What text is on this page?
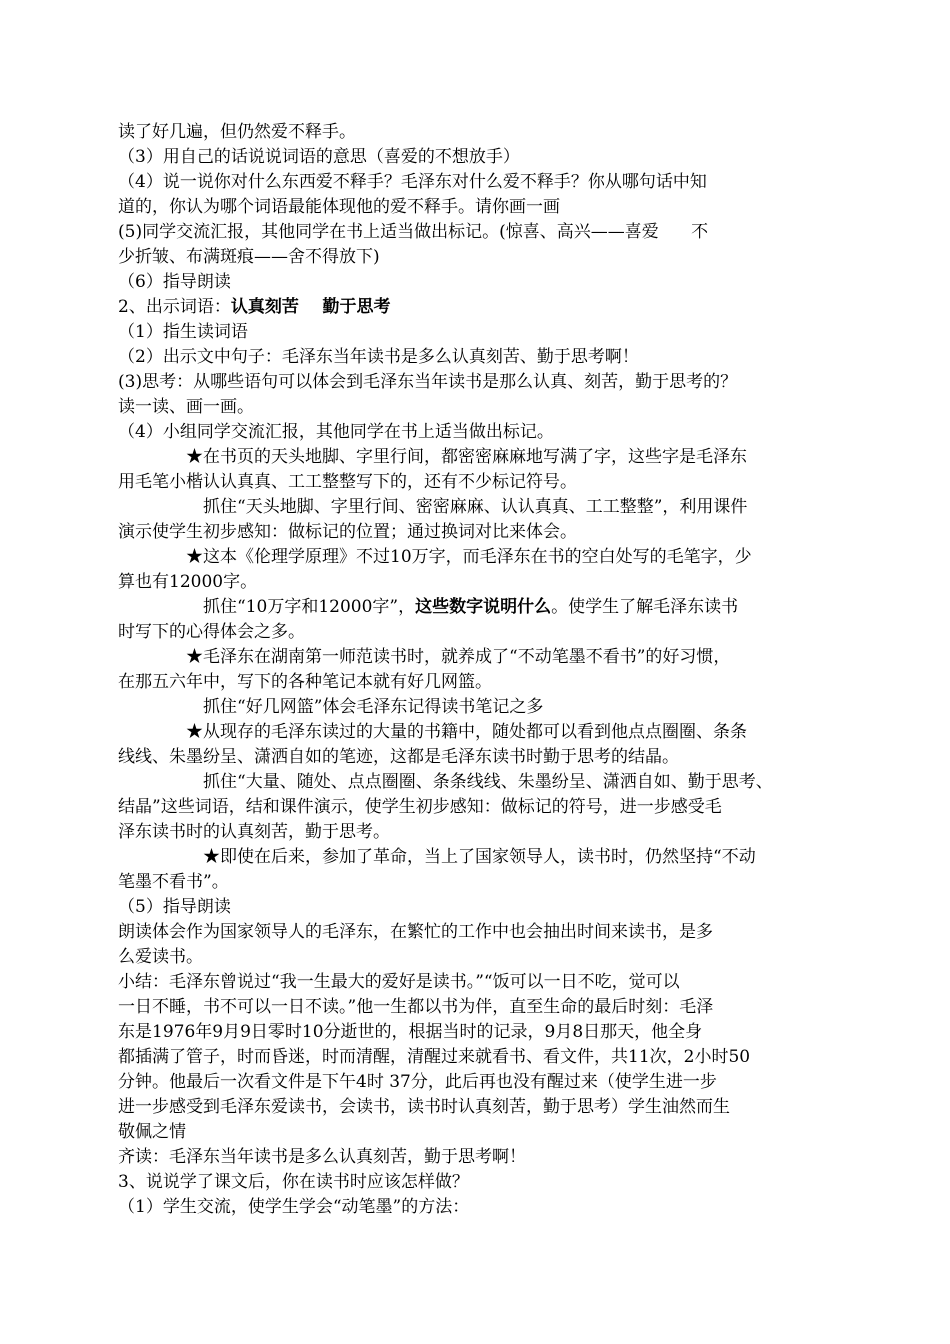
读了好几遍，但仍然爱不释手。
（3）用自己的话说说词语的意思（喜爱的不想放手）
（4）说一说你对什么东西爱不释手？毛泽东对什么爱不释手？你从哪句话中知
道的，你认为哪个词语最能体现他的爱不释手。请你画一画
(5)同学交流汇报，其他同学在书上适当做出标记。(惊喜、高兴——喜爱      不
少折皱、布满斑痕——舍不得放下)
（6）指导朗读
2、出示词语：认真刻苦    勤于思考
（1）指生读词语
（2）出示文中句子：毛泽东当年读书是多么认真刻苦、勤于思考啊！
(3)思考：从哪些语句可以体会到毛泽东当年读书是那么认真、刻苦，勤于思考的？
读一读、画一画。
（4）小组同学交流汇报，其他同学在书上适当做出标记。
★在书页的天头地脚、字里行间，都密密麻麻地写满了字，这些字是毛泽东
用毛笔小楷认认真真、工工整整写下的，还有不少标记符号。
抓住“天头地脚、字里行间、密密麻麻、认认真真、工工整整”，利用课件
演示使学生初步感知：做标记的位置；通过换词对比来体会。
★这本《伦理学原理》不过10万字，而毛泽东在书的空白处写的毛笔字，少
算也有12000字。
抓住“10万字和12000字”，这些数字说明什么。使学生了解毛泽东读书
时写下的心得体会之多。
★毛泽东在湖南第一师范读书时，就养成了“不动笔墨不看书”的好习惯，
在那五六年中，写下的各种笔记本就有好几网篮。
抓住“好几网篮”体会毛泽东记得读书笔记之多
★从现存的毛泽东读过的大量的书籍中，随处都可以看到他点点圈圈、条条
线线、朱墨纷呈、潇洒自如的笔迹，这都是毛泽东读书时勤于思考的结晶。
抓住“大量、随处、点点圈圈、条条线线、朱墨纷呈、潇洒自如、勤于思考、
结晶”这些词语，结和课件演示，使学生初步感知：做标记的符号，进一步感受毛
泽东读书时的认真刻苦，勤于思考。
★即使在后来，参加了革命，当上了国家领导人，读书时，仍然坚持“不动
笔墨不看书”。
（5）指导朗读
朗读体会作为国家领导人的毛泽东，在繁忙的工作中也会抽出时间来读书，是多
么爱读书。
小结：毛泽东曾说过“我一生最大的爱好是读书。”“饭可以一日不吃，觉可以
一日不睡，书不可以一日不读。”他一生都以书为伴，直至生命的最后时刻：毛泽
东是1976年9月9日零时10分逝世的，根据当时的记录，9月8日那天，他全身
都插满了管子，时而昏迷，时而清醒，清醒过来就看书、看文件，共11次，2小时50
分钟。他最后一次看文件是下午4时 37分，此后再也没有醒过来（使学生进一步
进一步感受到毛泽东爱读书，会读书，读书时认真刻苦，勤于思考）学生油然而生
敬佩之情
齐读：毛泽东当年读书是多么认真刻苦，勤于思考啊！
3、说说学了课文后，你在读书时应该怎样做？
（1）学生交流，使学生学会“动笔墨”的方法：
